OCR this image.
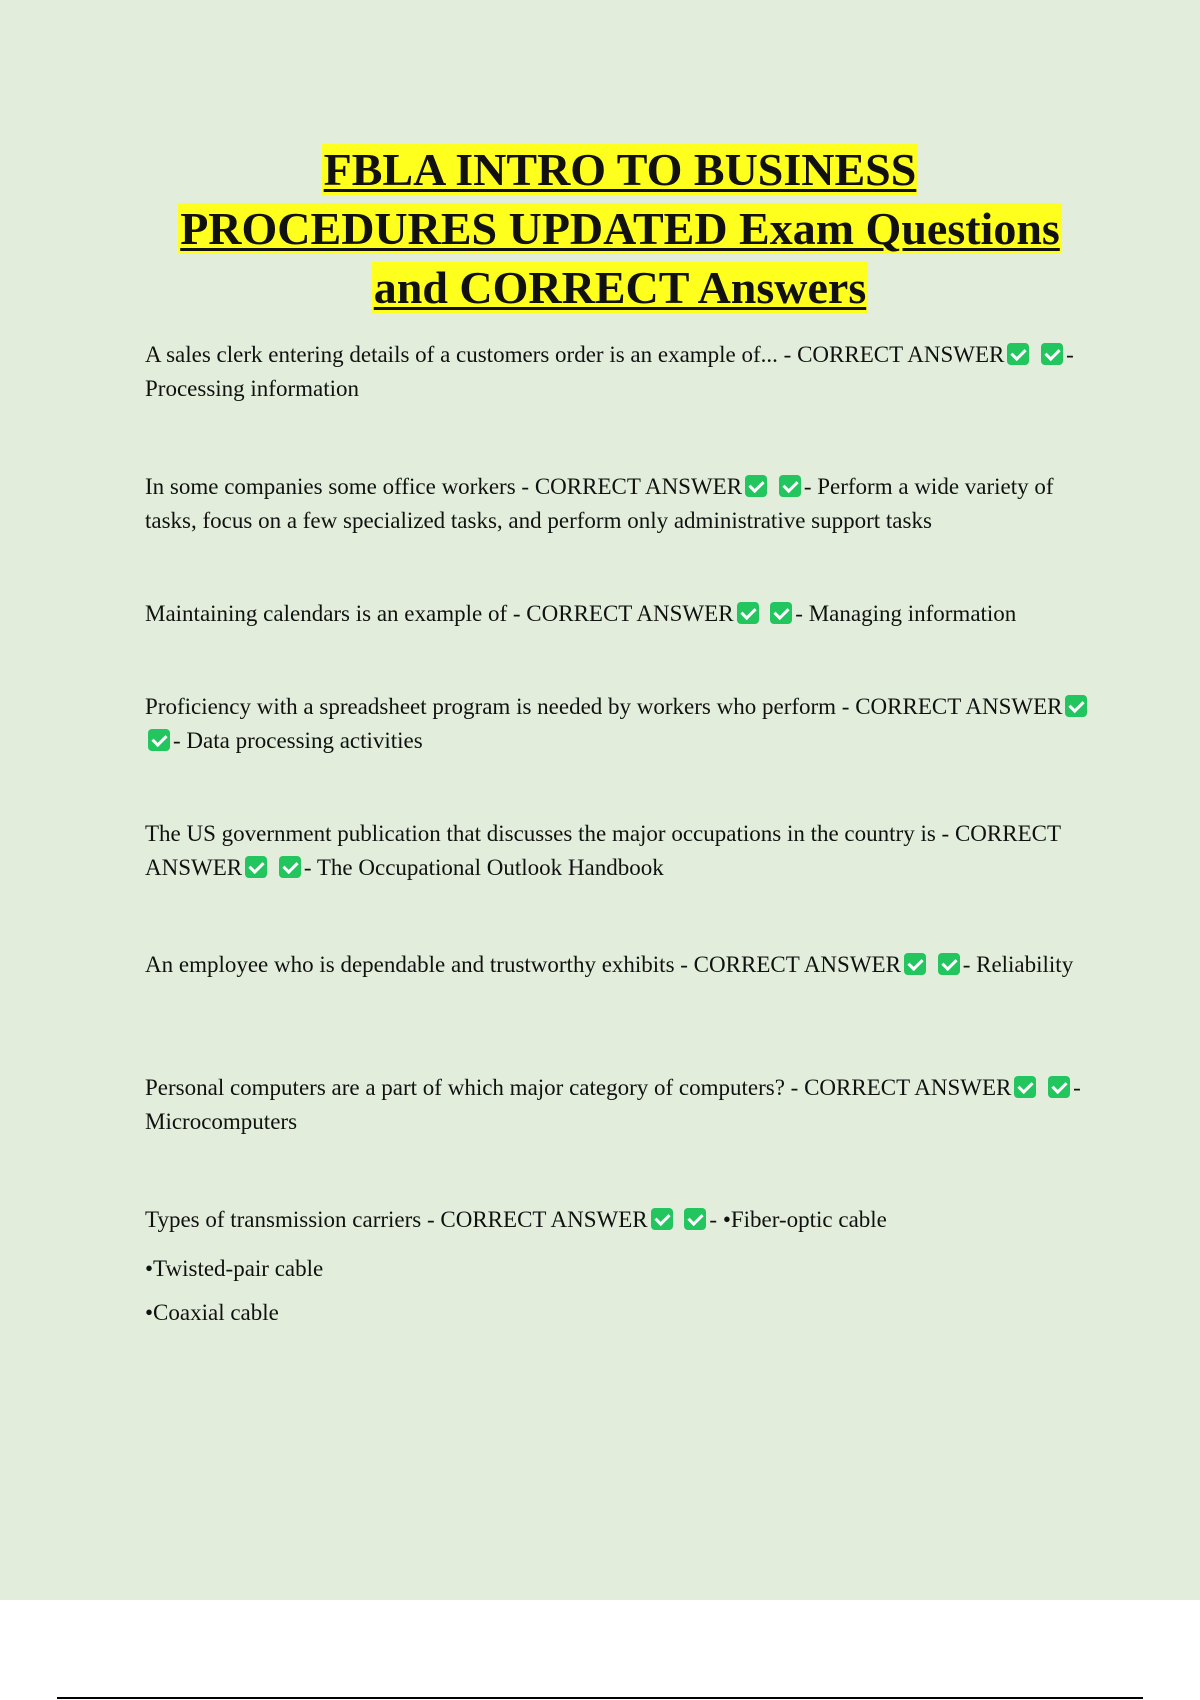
FBLA INTRO TO BUSINESS
PROCEDURES UPDATED Exam Questions
and CORRECT Answers

A sales clerk entering details of a customers order is an example of... - CORRECT ANSWER	- Processing information

In some companies some office workers - CORRECT ANSWER	- Perform a wide variety of tasks, focus on a few specialized tasks, and perform only administrative support tasks

Maintaining calendars is an example of - CORRECT ANSWER	- Managing information

Proficiency with a spreadsheet program is needed by workers who perform - CORRECT ANSWER - Data processing activities

The US government publication that discusses the major occupations in the country is - CORRECT ANSWER	- The Occupational Outlook Handbook

An employee who is dependable and trustworthy exhibits - CORRECT ANSWER	- Reliability

Personal computers are a part of which major category of computers? - CORRECT ANSWER	- Microcomputers

Types of transmission carriers - CORRECT ANSWER	- •Fiber-optic cable

•Twisted-pair cable
•Coaxial cable
